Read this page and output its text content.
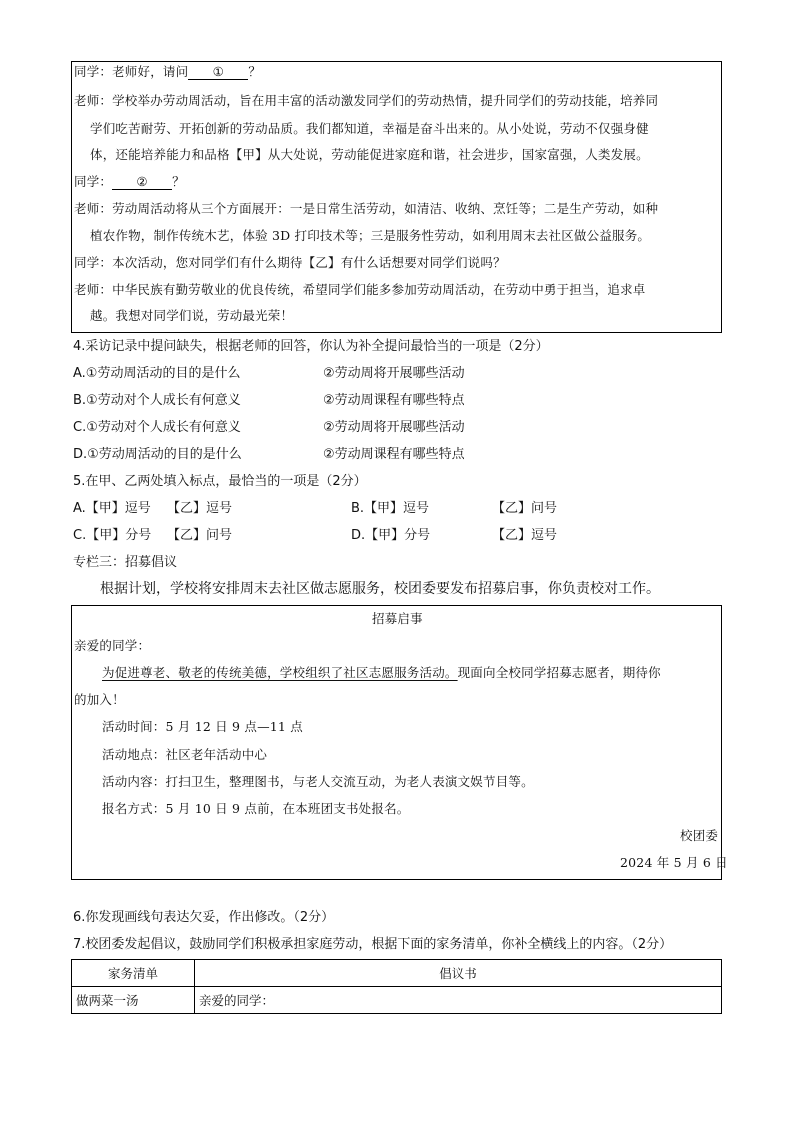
同学：老师好，请问 ① ？
老师：学校举办劳动周活动，旨在用丰富的活动激发同学们的劳动热情，提升同学们的劳动技能，培养同
学们吃苦耐劳、开拓创新的劳动品质。我们都知道，幸福是奋斗出来的。从小处说，劳动不仅强身健
体，还能培养能力和品格【甲】从大处说，劳动能促进家庭和谐，社会进步，国家富强，人类发展。
同学： ② ？
老师：劳动周活动将从三个方面展开：一是日常生活劳动，如清洁、收纳、烹饪等；二是生产劳动，如种
植农作物，制作传统木艺，体验 3D 打印技术等；三是服务性劳动，如利用周末去社区做公益服务。
同学：本次活动，您对同学们有什么期待【乙】有什么话想要对同学们说吗？
老师：中华民族有勤劳敬业的优良传统，希望同学们能多参加劳动周活动，在劳动中勇于担当，追求卓
越。我想对同学们说，劳动最光荣！
4.采访记录中提问缺失，根据老师的回答，你认为补全提问最恰当的一项是（2分）
A.①劳动周活动的目的是什么	②劳动周将开展哪些活动
B.①劳动对个人成长有何意义	②劳动周课程有哪些特点
C.①劳动对个人成长有何意义	②劳动周将开展哪些活动
D.①劳动周活动的目的是什么	②劳动周课程有哪些特点
5.在甲、乙两处填入标点，最恰当的一项是（2分）
A.【甲】逗号 【乙】逗号	B.【甲】逗号	【乙】问号
C.【甲】分号 【乙】问号	D.【甲】分号	【乙】逗号
专栏三：招募倡议
根据计划，学校将安排周末去社区做志愿服务，校团委要发布招募启事，你负责校对工作。
招募启事
亲爱的同学：
为促进尊老、敬老的传统美德，学校组织了社区志愿服务活动。现面向全校同学招募志愿者，期待你
的加入！
活动时间：5 月 12 日 9 点—11 点
活动地点：社区老年活动中心
活动内容：打扫卫生，整理图书，与老人交流互动，为老人表演文娱节目等。
报名方式：5 月 10 日 9 点前，在本班团支书处报名。
校团委
2024 年 5 月 6 日
6.你发现画线句表达欠妥，作出修改。（2分）
7.校团委发起倡议，鼓励同学们积极承担家庭劳动，根据下面的家务清单，你补全横线上的内容。（2分）
家务清单	倡议书
做两菜一汤	亲爱的同学：
